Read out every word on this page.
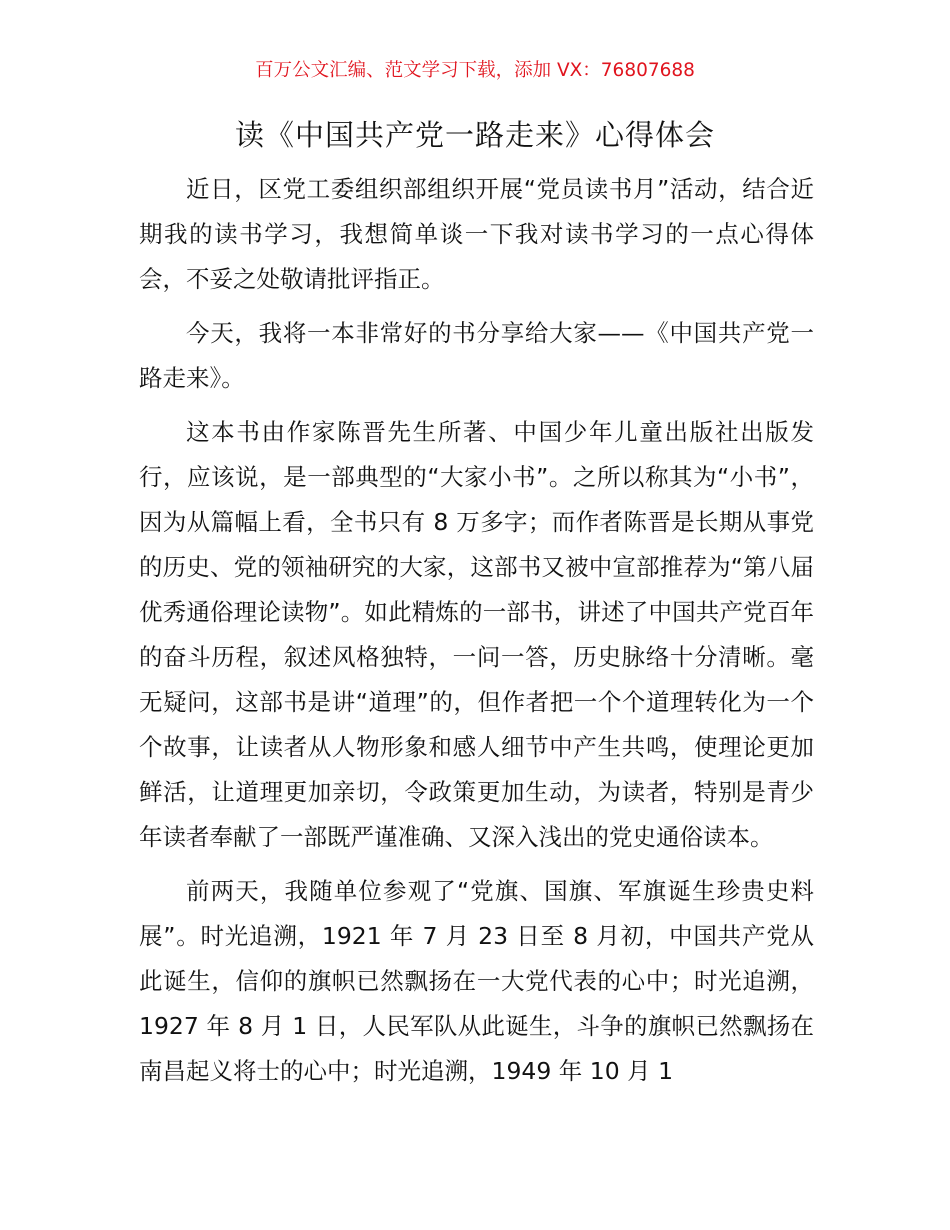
百万公文汇编、范文学习下载，添加 VX：76807688
读《中国共产党一路走来》心得体会

近日，区党工委组织部组织开展“党员读书月”活动，结合近期我的读书学习，我想简单谈一下我对读书学习的一点心得体会，不妥之处敬请批评指正。

今天，我将一本非常好的书分享给大家——《中国共产党一路走来》。

这本书由作家陈晋先生所著、中国少年儿童出版社出版发行，应该说，是一部典型的“大家小书”。之所以称其为“小书”，因为从篇幅上看，全书只有 8 万多字；而作者陈晋是长期从事党的历史、党的领袖研究的大家，这部书又被中宣部推荐为“第八届优秀通俗理论读物”。如此精炼的一部书，讲述了中国共产党百年的奋斗历程，叙述风格独特，一问一答，历史脉络十分清晰。毫无疑问，这部书是讲“道理”的，但作者把一个个道理转化为一个个故事，让读者从人物形象和感人细节中产生共鸣，使理论更加鲜活，让道理更加亲切，令政策更加生动，为读者，特别是青少年读者奉献了一部既严谨准确、又深入浅出的党史通俗读本。

前两天，我随单位参观了“党旗、国旗、军旗诞生珍贵史料展”。时光追溯，1921 年 7 月 23 日至 8 月初，中国共产党从此诞生，信仰的旗帜已然飘扬在一大党代表的心中；时光追溯，1927 年 8 月 1 日，人民军队从此诞生，斗争的旗帜已然飘扬在南昌起义将士的心中；时光追溯，1949 年 10 月 1
